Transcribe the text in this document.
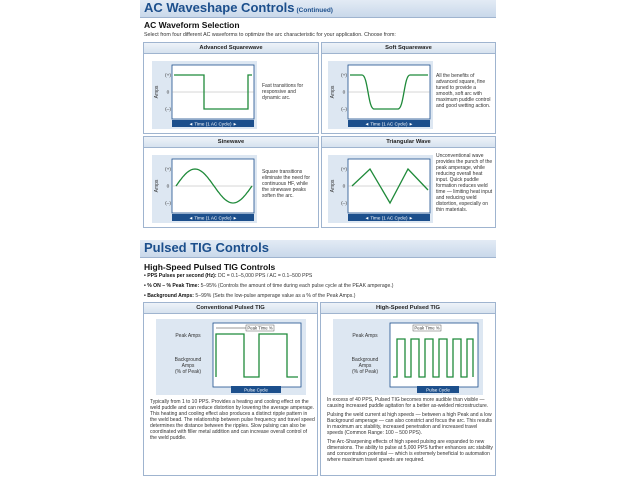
AC Waveshape Controls (Continued)
AC Waveform Selection
Select from four different AC waveforms to optimize the arc characteristic for your application. Choose from:
Advanced Squarewave
Amps
(+)
0
(–)
◄ Time (1 AC Cycle) ►
Fast transitions for responsive and dynamic arc.
Soft Squarewave
Amps
(+)
0
(–)
◄ Time (1 AC Cycle) ►
All the benefits of advanced square, fine tuned to provide a smooth, soft arc with maximum puddle control and good wetting action.
Sinewave
Amps
(+)
0
(–)
◄ Time (1 AC Cycle) ►
Square transitions eliminate the need for continuous HF, while the sinewave peaks soften the arc.
Triangular Wave
Amps
(+)
0
(–)
◄ Time (1 AC Cycle) ►
Unconventional wave provides the punch of the peak amperage, while reducing overall heat input. Quick puddle formation reduces weld time — limiting heat input and reducing weld distortion, especially on thin materials.
Pulsed TIG Controls
High-Speed Pulsed TIG Controls
• PPS Pulses per second (Hz): DC = 0.1–5,000 PPS / AC = 0.1–500 PPS
• % ON – % Peak Time: 5–95% (Controls the amount of time during each pulse cycle at the PEAK amperage.)
• Background Amps: 5–99% (Sets the low-pulse amperage value as a % of the Peak Amps.)
Conventional Pulsed TIG
Peak Amps
Background
Amps
(% of Peak)
Peak Time %
Pulse Cycle
Typically from 1 to 10 PPS. Provides a heating and cooling effect on the weld puddle and can reduce distortion by lowering the average amperage. This heating and cooling effect also produces a distinct ripple pattern in the weld bead. The relationship between pulse frequency and travel speed determines the distance between the ripples. Slow pulsing can also be coordinated with filler metal addition and can increase overall control of the weld puddle.
High-Speed Pulsed TIG
Peak Amps
Background
Amps
(% of Peak)
Peak Time %
Pulse Cycle

In excess of 40 PPS, Pulsed TIG becomes more audible than visible — causing increased puddle agitation for a better as-welded microstructure.

Pulsing the weld current at high speeds — between a high Peak and a low Background amperage — can also constrict and focus the arc. This results in maximum arc stability, increased penetration and increased travel speeds (Common Range: 100 – 500 PPS).

The Arc-Sharpening effects of high speed pulsing are expanded to new dimensions. The ability to pulse at 5,000 PPS further enhances arc stability and concentration potential — which is extremely beneficial to automation where maximum travel speeds are required.
